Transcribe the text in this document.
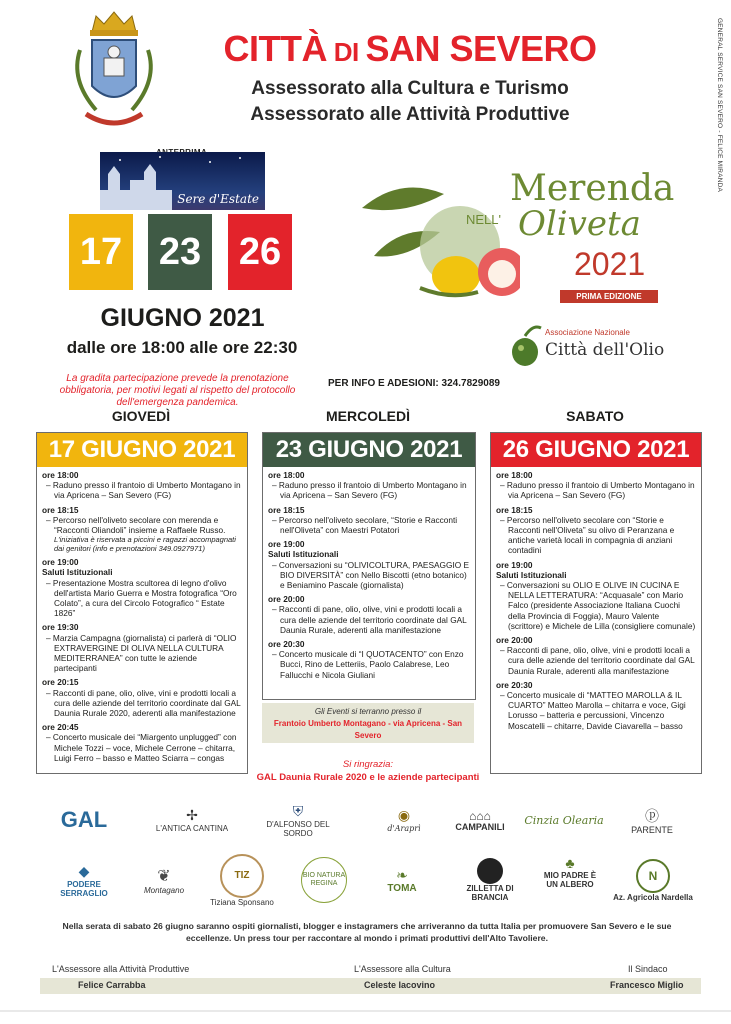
GENERAL SERVICE SAN SEVERO - FELICE MIRANDA
CITTÀ DI SAN SEVERO
Assessorato alla Cultura e Turismo
Assessorato alle Attività Produttive
Sere d'Estate
17 23 26
GIUGNO 2021
dalle ore 18:00 alle ore 22:30
Merenda
NELL' Oliveta
2021
PRIMA EDIZIONE
Associazione Nazionale
Città dell'Olio
La gradita partecipazione prevede la prenotazione obbligatoria, per motivi legati al rispetto del protocollo dell'emergenza pandemica.
PER INFO E ADESIONI: 324.7829089
GIOVEDÌ	MERCOLEDÌ	SABATO
17 GIUGNO 2021
ore 18:00
– Raduno presso il frantoio di Umberto Montagano in via Apricena – San Severo (FG)
ore 18:15
– Percorso nell'oliveto secolare con merenda e “Racconti Oliandoli” insieme a Raffaele Russo.
L'iniziativa è riservata a piccini e ragazzi accompagnati dai genitori (info e prenotazioni 349.0927971)
ore 19:00
Saluti Istituzionali
– Presentazione Mostra scultorea di legno d'olivo dell'artista Mario Guerra e Mostra fotografica “Oro Colato”, a cura del Circolo Fotografico “ Estate 1826”
ore 19:30
– Marzia Campagna (giornalista) ci parlerà di “OLIO EXTRAVERGINE DI OLIVA NELLA CULTURA MEDITERRANEA” con tutte le aziende partecipanti
ore 20:15
– Racconti di pane, olio, olive, vini e prodotti locali a cura delle aziende del territorio coordinate dal GAL Daunia Rurale 2020, aderenti alla manifestazione
ore 20:45
– Concerto musicale dei “Miargento unplugged” con Michele Tozzi – voce, Michele Cerrone – chitarra, Luigi Ferro – basso e Matteo Sciarra – congas
23 GIUGNO 2021
ore 18:00
– Raduno presso il frantoio di Umberto Montagano in via Apricena – San Severo (FG)
ore 18:15
– Percorso nell'oliveto secolare, “Storie e Racconti nell'Oliveta” con Maestri Potatori
ore 19:00
Saluti Istituzionali
– Conversazioni su “OLIVICOLTURA, PAESAGGIO E BIO DIVERSITÀ” con Nello Biscotti (etno botanico) e Beniamino Pascale (giornalista)
ore 20:00
– Racconti di pane, olio, olive, vini e prodotti locali a cura delle aziende del territorio coordinate dal GAL Daunia Rurale, aderenti alla manifestazione
ore 20:30
– Concerto musicale di “I QUOTACENTO” con Enzo Bucci, Rino de Letteriis, Paolo Calabrese, Leo Fallucchi e Nicola Giuliani
26 GIUGNO 2021
ore 18:00
– Raduno presso il frantoio di Umberto Montagano in via Apricena – San Severo (FG)
ore 18:15
– Percorso nell'oliveto secolare con “Storie e Racconti nell'Oliveta” su olivo di Peranzana e antiche varietà locali in compagnia di anziani contadini
ore 19:00
Saluti Istituzionali
– Conversazioni su OLIO E OLIVE IN CUCINA E NELLA LETTERATURA: “Acquasale” con Mario Falco (presidente Associazione Italiana Cuochi della Provincia di Foggia), Mauro Valente (scrittore) e Michele de Lilla (consigliere comunale)
ore 20:00
– Racconti di pane, olio, olive, vini e prodotti locali a cura delle aziende del territorio coordinate dal GAL Daunia Rurale, aderenti alla manifestazione
ore 20:30
– Concerto musicale di “MATTEO MAROLLA & IL CUARTO” Matteo Marolla – chitarra e voce, Gigi Lorusso – batteria e percussioni, Vincenzo Moscatelli – chitarre, Davide Ciavarella – basso
Gli Eventi si terranno presso il
Frantoio Umberto Montagano - via Apricena - San Severo
Si ringrazia:
GAL Daunia Rurale 2020 e le aziende partecipanti
GAL	✢
L'ANTICA CANTINA
⛨
D'ALFONSO DEL SORDO
◉
d'Araprì
⌂⌂⌂
CAMPANILI Cinzia Olearia	ⓟ
PARENTE
◆
PODERE SERRAGLIO
❦
Montagano
TIZ
Tiziana Sponsano
BIO NATURA REGINA
❧
TOMA	ZILLETTA DI BRANCIA
♣
MIO PADRE È UN ALBERO
N
Az. Agricola Nardella
Nella serata di sabato 26 giugno saranno ospiti giornalisti, blogger e instagramers che arriveranno da tutta Italia per promuovere San Severo e le sue eccellenze. Un press tour per raccontare al mondo i primati produttivi dell'Alto Tavoliere.
L'Assessore alla Attività Produttive	L'Assessore alla Cultura	Il Sindaco
Felice Carrabba	Celeste Iacovino	Francesco Miglio
